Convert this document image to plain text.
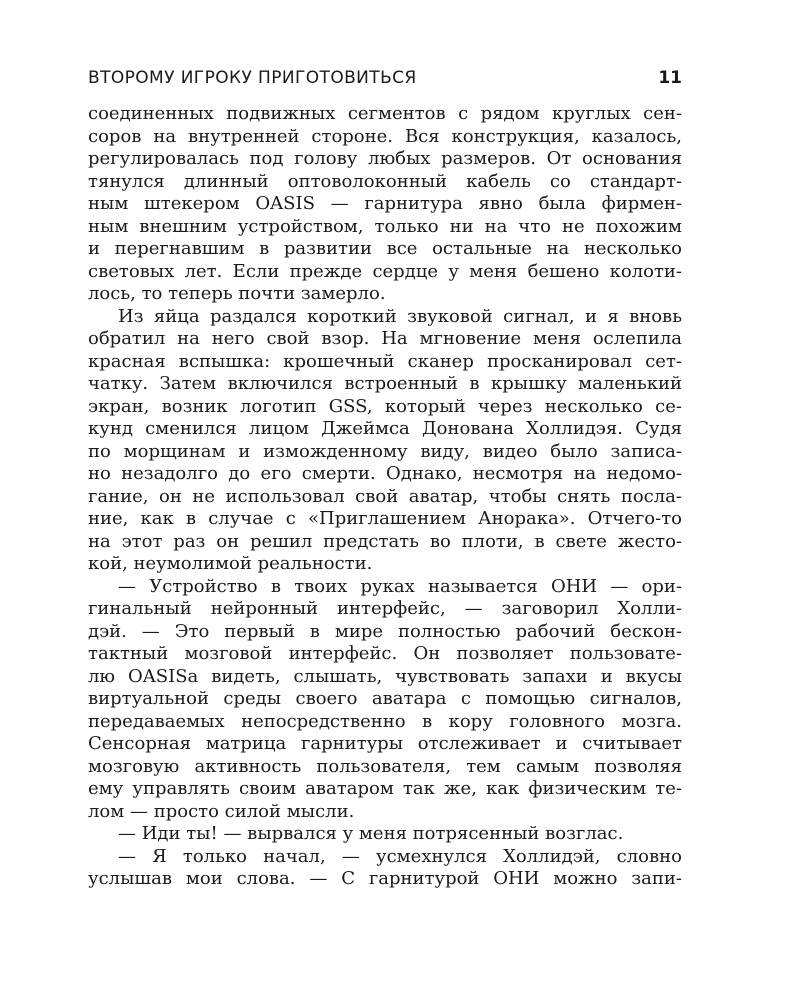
ВТОРОМУ ИГРОКУ ПРИГОТОВИТЬСЯ	11
соединенных подвижных сегментов с рядом круглых сен-
соров на внутренней стороне. Вся конструкция, казалось,
регулировалась под голову любых размеров. От основания
тянулся длинный оптоволоконный кабель со стандарт-
ным штекером OASIS — гарнитура явно была фирмен-
ным внешним устройством, только ни на что не похожим
и перегнавшим в развитии все остальные на несколько
световых лет. Если прежде сердце у меня бешено колоти-
лось, то теперь почти замерло.
Из яйца раздался короткий звуковой сигнал, и я вновь
обратил на него свой взор. На мгновение меня ослепила
красная вспышка: крошечный сканер просканировал сет-
чатку. Затем включился встроенный в крышку маленький
экран, возник логотип GSS, который через несколько се-
кунд сменился лицом Джеймса Донована Холлидэя. Судя
по морщинам и изможденному виду, видео было записа-
но незадолго до его смерти. Однако, несмотря на недомо-
гание, он не использовал свой аватар, чтобы снять посла-
ние, как в случае с «Приглашением Анорака». Отчего-то
на этот раз он решил предстать во плоти, в свете жесто-
кой, неумолимой реальности.
— Устройство в твоих руках называется ОНИ — ори-
гинальный нейронный интерфейс, — заговорил Холли-
дэй. — Это первый в мире полностью рабочий бескон-
тактный мозговой интерфейс. Он позволяет пользовате-
лю OASISа видеть, слышать, чувствовать запахи и вкусы
виртуальной среды своего аватара с помощью сигналов,
передаваемых непосредственно в кору головного мозга.
Сенсорная матрица гарнитуры отслеживает и считывает
мозговую активность пользователя, тем самым позволяя
ему управлять своим аватаром так же, как физическим те-
лом — просто силой мысли.
— Иди ты! — вырвался у меня потрясенный возглас.
— Я только начал, — усмехнулся Холлидэй, словно
услышав мои слова. — С гарнитурой ОНИ можно запи-
